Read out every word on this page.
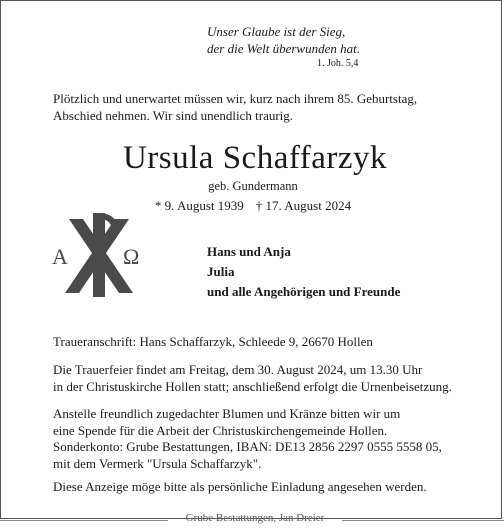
Unser Glaube ist der Sieg,
der die Welt überwunden hat.
1. Joh. 5,4
Plötzlich und unerwartet müssen wir, kurz nach ihrem 85. Geburtstag,
Abschied nehmen. Wir sind unendlich traurig.
Ursula Schaffarzyk
geb. Gundermann
* 9. August 1939 † 17. August 2024
A	Ω	Hans und Anja
Julia
und alle Angehörigen und Freunde
Traueranschrift: Hans Schaffarzyk, Schleede 9, 26670 Hollen
Die Trauerfeier findet am Freitag, dem 30. August 2024, um 13.30 Uhr
in der Christuskirche Hollen statt; anschließend erfolgt die Urnenbeisetzung.
Anstelle freundlich zugedachter Blumen und Kränze bitten wir um
eine Spende für die Arbeit der Christuskirchengemeinde Hollen.
Sonderkonto: Grube Bestattungen, IBAN: DE13 2856 2297 0555 5558 05,
mit dem Vermerk "Ursula Schaffarzyk".
Diese Anzeige möge bitte als persönliche Einladung angesehen werden.
Grube Bestattungen, Jan Dreier
